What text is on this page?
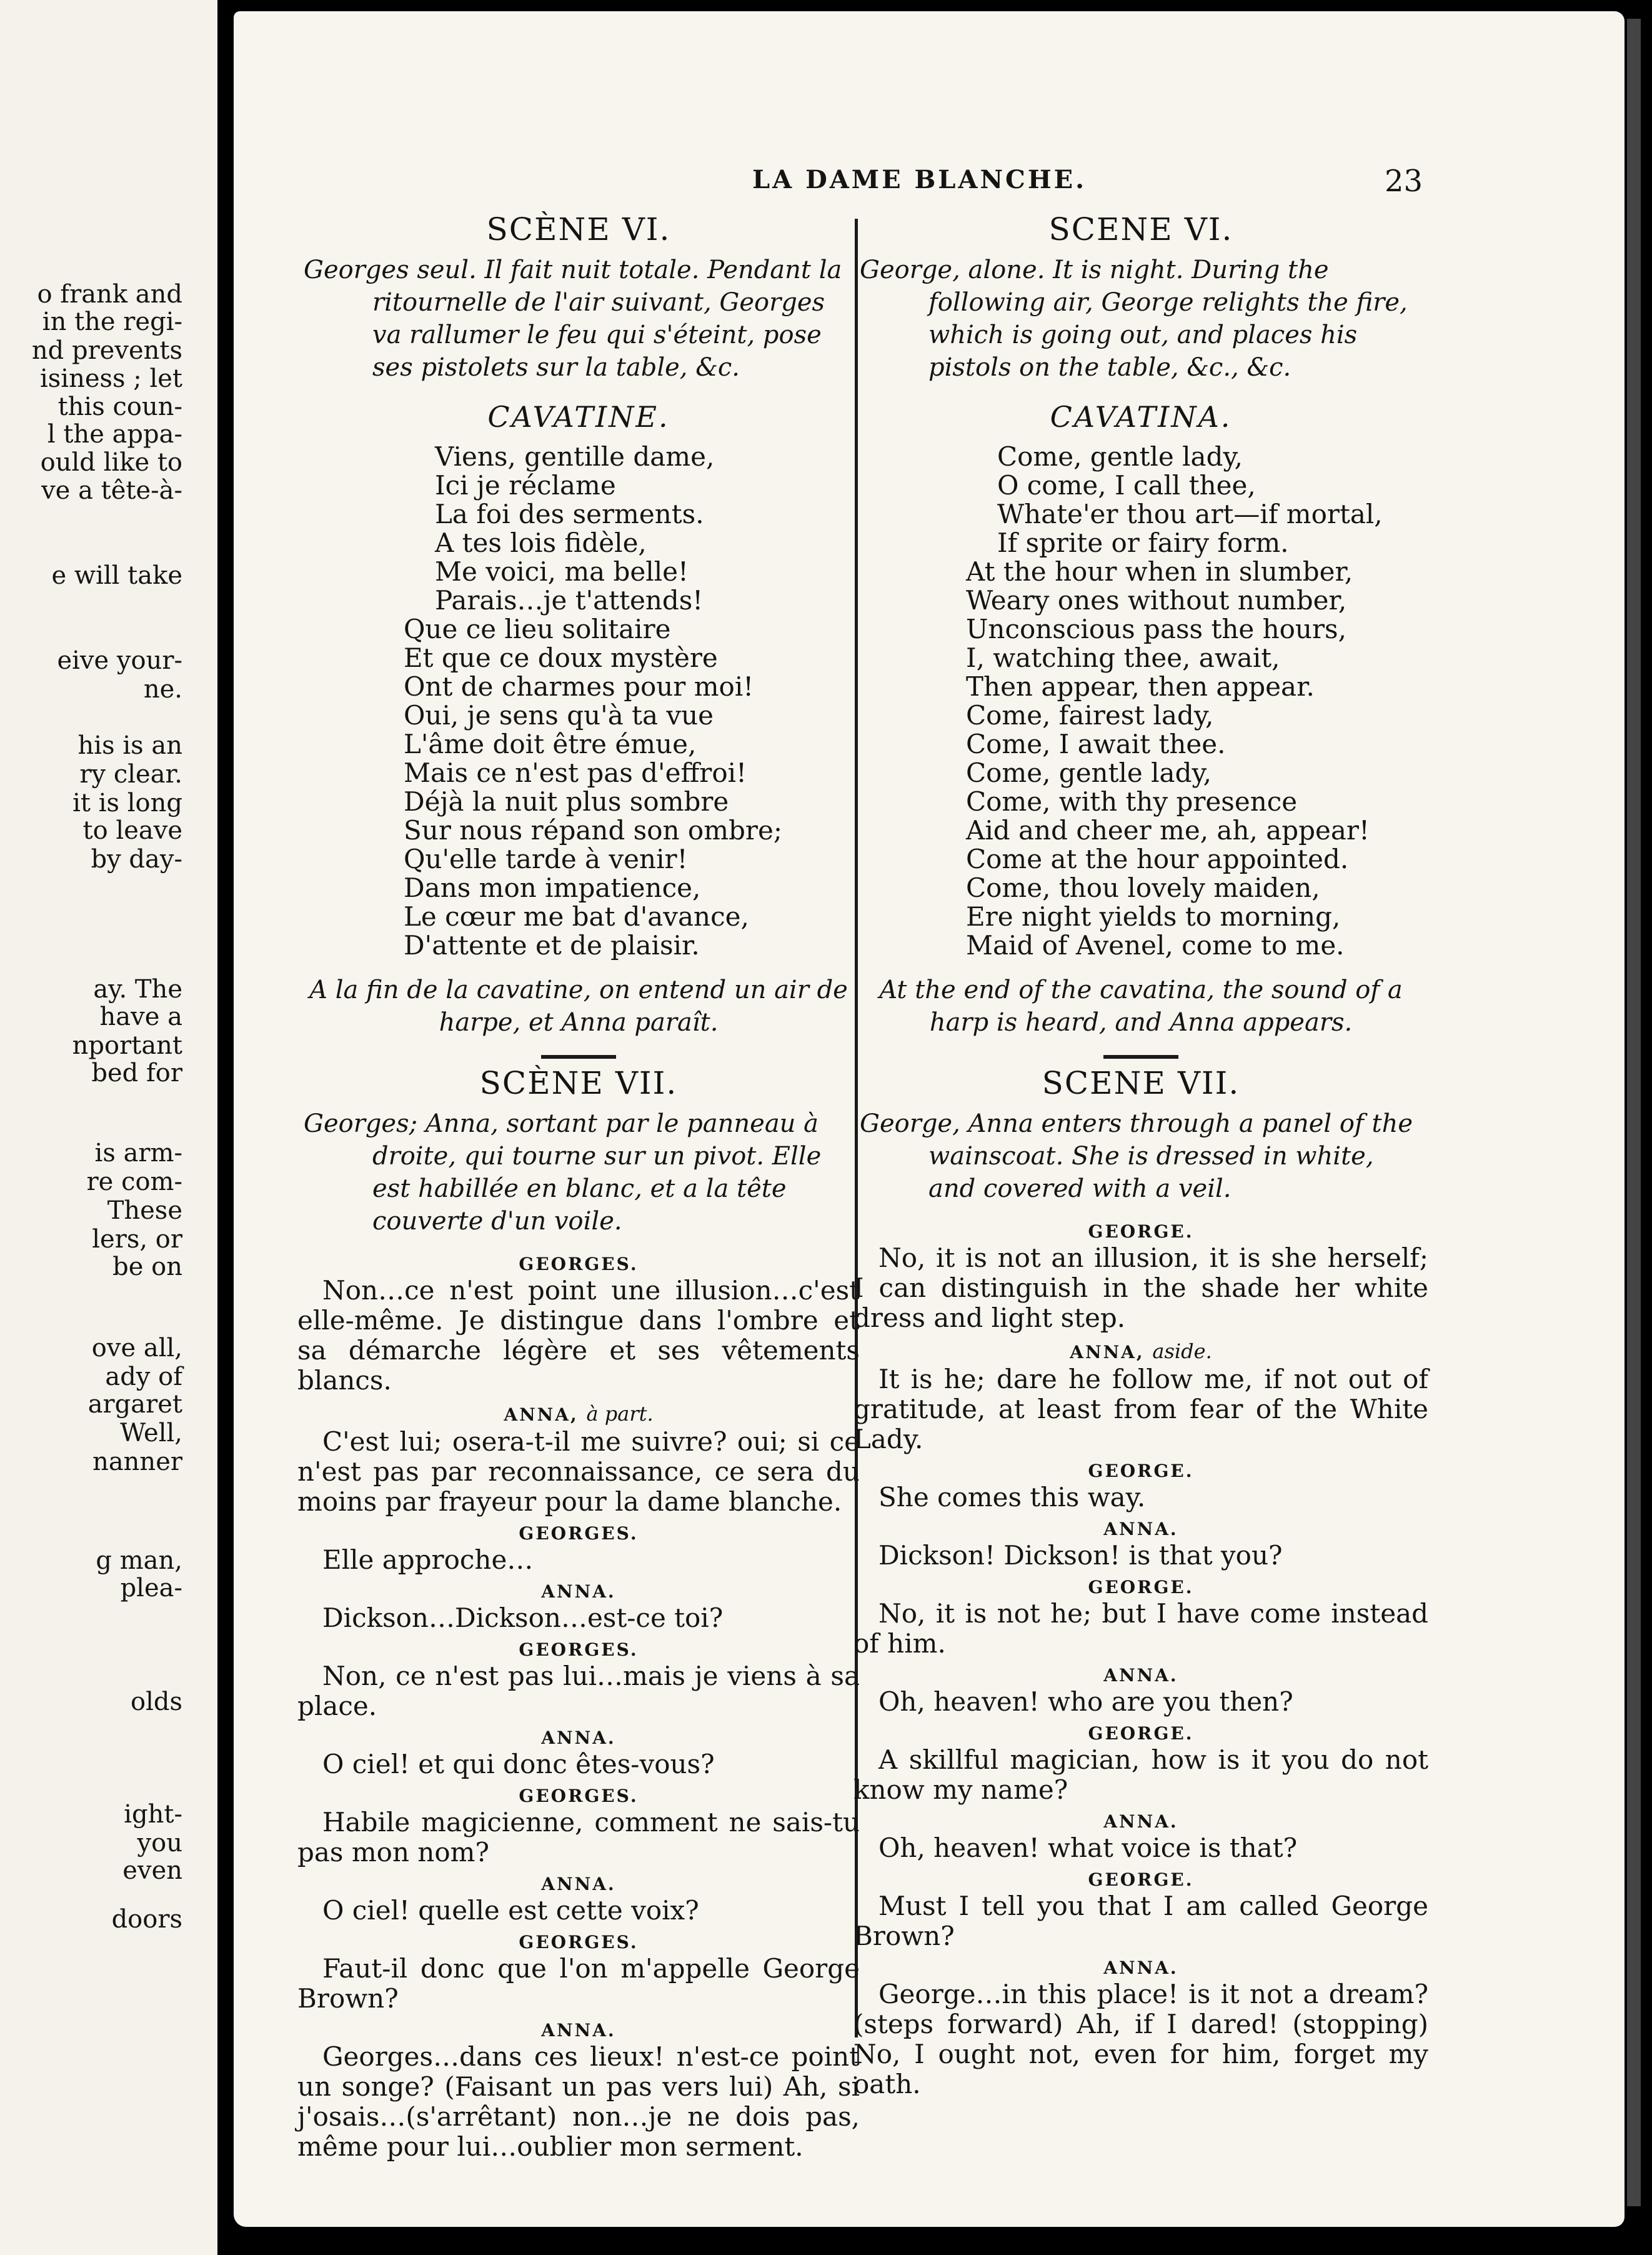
o frank and
in the regi-
nd prevents
isiness ; let
this coun-
l the appa-
ould like to
ve a tête-à-
e will take
eive your-
ne.
his is an
ry clear.
it is long
to leave
by day-
ay. The
have a
nportant
bed for
is arm-
re com-
These
lers, or
be on
ove all,
ady of
argaret
Well,
nanner
g man,
plea-
olds
ight-
you
even
doors
LA DAME BLANCHE.	23
SCÈNE VI.
Georges seul. Il fait nuit totale. Pendant la ritournelle de l'air suivant, Georges va rallumer le feu qui s'éteint, pose ses pistolets sur la table, &c.
CAVATINE.
Viens, gentille dame,
Ici je réclame
La foi des serments.
A tes lois fidèle,
Me voici, ma belle!
Parais…je t'attends!
Que ce lieu solitaire
Et que ce doux mystère
Ont de charmes pour moi!
Oui, je sens qu'à ta vue
L'âme doit être émue,
Mais ce n'est pas d'effroi!
Déjà la nuit plus sombre
Sur nous répand son ombre;
Qu'elle tarde à venir!
Dans mon impatience,
Le cœur me bat d'avance,
D'attente et de plaisir.
A la fin de la cavatine, on entend un air de harpe, et Anna paraît.
SCÈNE VII.
Georges; Anna, sortant par le panneau à droite, qui tourne sur un pivot. Elle est habillée en blanc, et a la tête couverte d'un voile.
GEORGES.
Non…ce n'est point une illusion…c'est elle-même. Je distingue dans l'ombre et sa démarche légère et ses vêtements blancs.
ANNA, à part.
C'est lui; osera-t-il me suivre? oui; si ce n'est pas par reconnaissance, ce sera du moins par frayeur pour la dame blanche.
GEORGES.
Elle approche…
ANNA.
Dickson…Dickson…est-ce toi?
GEORGES.
Non, ce n'est pas lui…mais je viens à sa place.
ANNA.
O ciel! et qui donc êtes-vous?
GEORGES.
Habile magicienne, comment ne sais-tu pas mon nom?
ANNA.
O ciel! quelle est cette voix?
GEORGES.
Faut-il donc que l'on m'appelle George Brown?
ANNA.
Georges…dans ces lieux! n'est-ce point un songe? (Faisant un pas vers lui) Ah, si j'osais…(s'arrêtant) non…je ne dois pas, même pour lui…oublier mon serment.
SCENE VI.
George, alone. It is night. During the following air, George relights the fire, which is going out, and places his pistols on the table, &c., &c.
CAVATINA.
Come, gentle lady,
O come, I call thee,
Whate'er thou art—if mortal,
If sprite or fairy form.
At the hour when in slumber,
Weary ones without number,
Unconscious pass the hours,
I, watching thee, await,
Then appear, then appear.
Come, fairest lady,
Come, I await thee.
Come, gentle lady,
Come, with thy presence
Aid and cheer me, ah, appear!
Come at the hour appointed.
Come, thou lovely maiden,
Ere night yields to morning,
Maid of Avenel, come to me.
At the end of the cavatina, the sound of a harp is heard, and Anna appears.
SCENE VII.
George, Anna enters through a panel of the wainscoat. She is dressed in white, and covered with a veil.
GEORGE.
No, it is not an illusion, it is she herself; I can distinguish in the shade her white dress and light step.
ANNA, aside.
It is he; dare he follow me, if not out of gratitude, at least from fear of the White Lady.
GEORGE.
She comes this way.
ANNA.
Dickson! Dickson! is that you?
GEORGE.
No, it is not he; but I have come instead of him.
ANNA.
Oh, heaven! who are you then?
GEORGE.
A skillful magician, how is it you do not know my name?
ANNA.
Oh, heaven! what voice is that?
GEORGE.
Must I tell you that I am called George Brown?
ANNA.
George…in this place! is it not a dream? (steps forward) Ah, if I dared! (stopping) No, I ought not, even for him, forget my oath.
